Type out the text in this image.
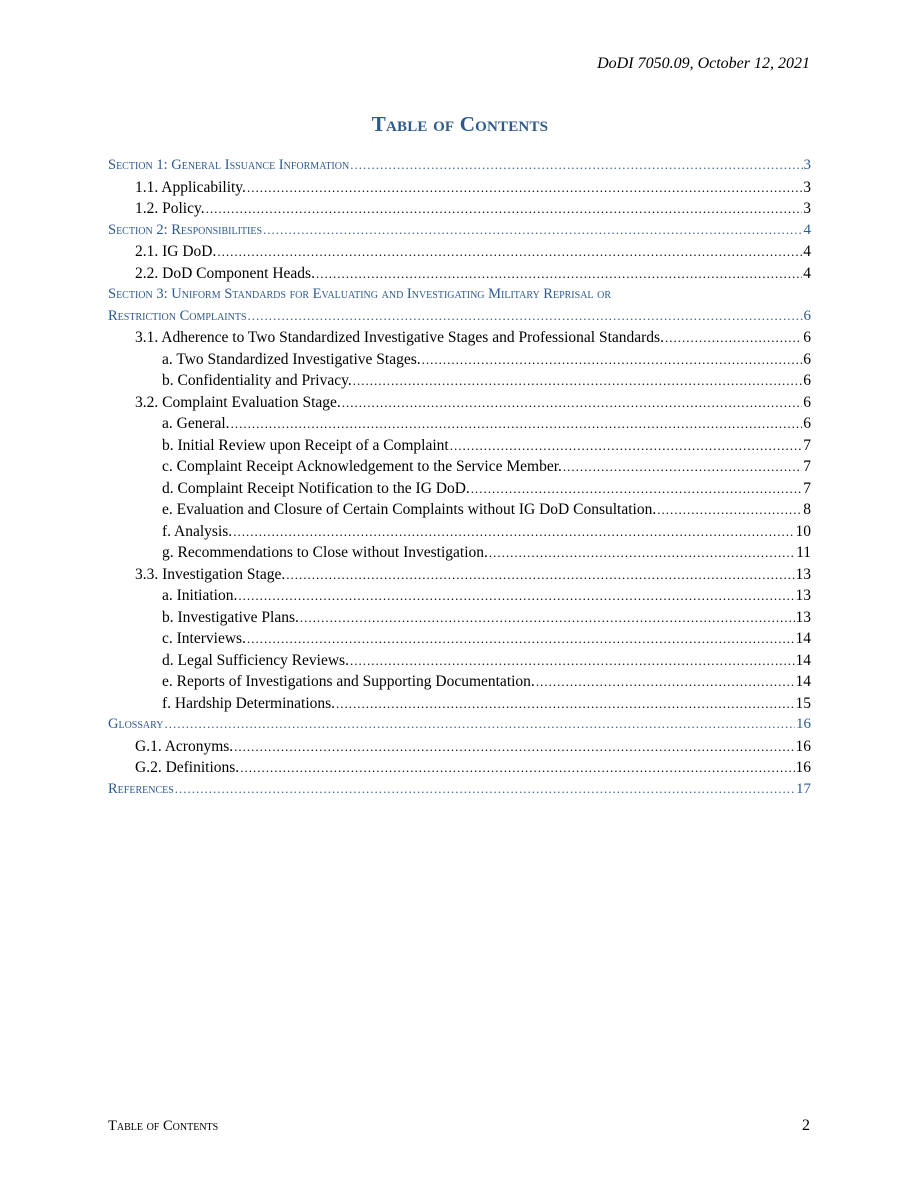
DoDI 7050.09, October 12, 2021
Table of Contents
Section 1: General Issuance Information .....	3
1.1. Applicability. .....	3
1.2. Policy. .....	3
Section 2: Responsibilities .....	4
2.1. IG DoD. .....	4
2.2. DoD Component Heads. .....	4
Section 3: Uniform Standards for Evaluating and Investigating Military Reprisal or
Restriction Complaints .....	6
3.1. Adherence to Two Standardized Investigative Stages and Professional Standards. .....	6
a. Two Standardized Investigative Stages. .....	6
b. Confidentiality and Privacy. .....	6
3.2. Complaint Evaluation Stage. .....	6
a. General. .....	6
b. Initial Review upon Receipt of a Complaint .....	7
c. Complaint Receipt Acknowledgement to the Service Member. .....	7
d. Complaint Receipt Notification to the IG DoD. .....	7
e. Evaluation and Closure of Certain Complaints without IG DoD Consultation. .....	8
f. Analysis. .....	10
g. Recommendations to Close without Investigation. .....	11
3.3. Investigation Stage. .....	13
a. Initiation. .....	13
b. Investigative Plans. .....	13
c. Interviews. .....	14
d. Legal Sufficiency Reviews. .....	14
e. Reports of Investigations and Supporting Documentation. .....	14
f. Hardship Determinations. .....	15
Glossary .....	16
G.1. Acronyms. .....	16
G.2. Definitions. .....	16
References .....	17
Table of Contents	2
